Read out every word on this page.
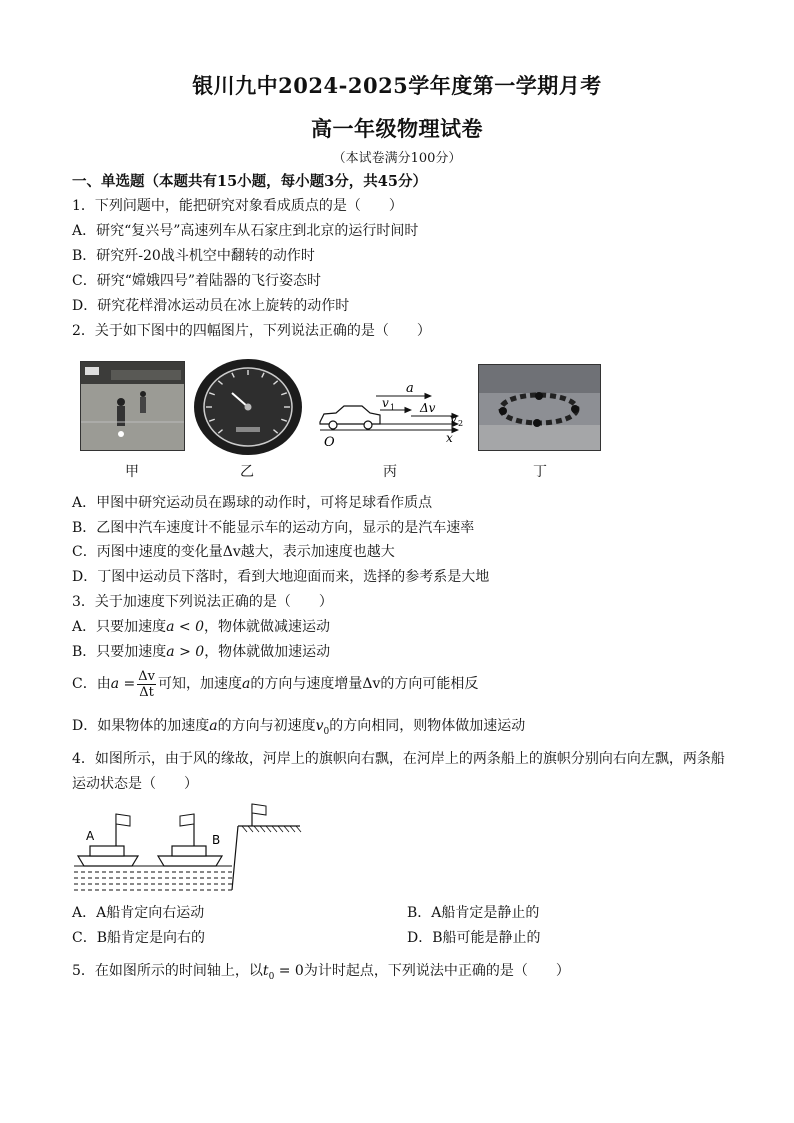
银川九中2024-2025学年度第一学期月考
高一年级物理试卷
（本试卷满分100分）
一、单选题（本题共有15小题，每小题3分，共45分）
1．下列问题中，能把研究对象看成质点的是（　　）
A．研究“复兴号”高速列车从石家庄到北京的运行时间时
B．研究歼-20战斗机空中翻转的动作时
C．研究“嫦娥四号”着陆器的飞行姿态时
D．研究花样滑冰运动员在冰上旋转的动作时
2．关于如下图中的四幅图片，下列说法正确的是（　　）
a
v 1 Δv
v 2
O	x
甲	乙	丙	丁
A．甲图中研究运动员在踢球的动作时，可将足球看作质点
B．乙图中汽车速度计不能显示车的运动方向，显示的是汽车速率
C．丙图中速度的变化量Δv越大，表示加速度也越大
D．丁图中运动员下落时，看到大地迎面而来，选择的参考系是大地
3．关于加速度下列说法正确的是（　　）
A．只要加速度a < 0，物体就做减速运动
B．只要加速度a > 0，物体就做加速运动
C．由$a = \frac{\Delta v}{\Delta t}$ 可知，加速度a的方向与速度增量Δv的方向可能相反
D．如果物体的加速度a的方向与初速度$v_0$的方向相同，则物体做加速运动
4．如图所示，由于风的缘故，河岸上的旗帜向右飘，在河岸上的两条船上的旗帜分别向右向左飘，两条船
运动状态是（　　）
A	B
A．A船肯定向右运动	B．A船肯定是静止的
C．B船肯定是向右的	D．B船可能是静止的
5．在如图所示的时间轴上，以$t_0 = 0$为计时起点，下列说法中正确的是（　　）
